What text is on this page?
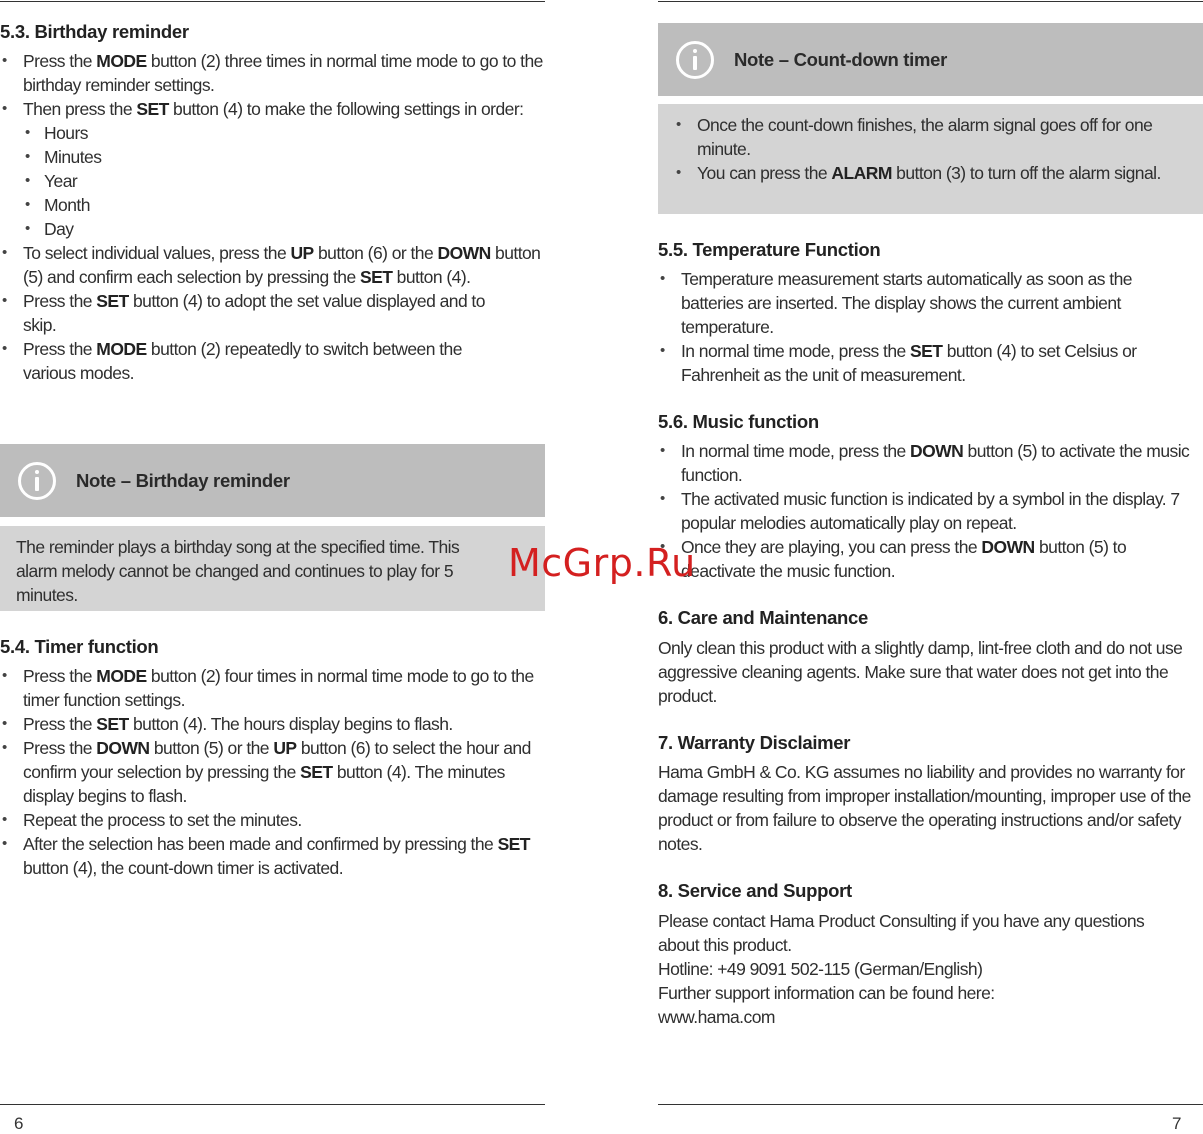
5.3. Birthday reminder
• Press the MODE button (2) three times in normal time mode to go to the birthday reminder settings.
• Then press the SET button (4) to make the following settings in order:
• Hours
• Minutes
• Year
• Month
• Day
• To select individual values, press the UP button (6) or the DOWN button (5) and confirm each selection by pressing the SET button (4).
• Press the SET button (4) to adopt the set value displayed and to skip.
• Press the MODE button (2) repeatedly to switch between the various modes.
Note – Birthday reminder
The reminder plays a birthday song at the specified time. This alarm melody cannot be changed and continues to play for 5 minutes.
5.4. Timer function
• Press the MODE button (2) four times in normal time mode to go to the timer function settings.
• Press the SET button (4). The hours display begins to flash.
• Press the DOWN button (5) or the UP button (6) to select the hour and confirm your selection by pressing the SET button (4). The minutes display begins to flash.
• Repeat the process to set the minutes.
• After the selection has been made and confirmed by pressing the SET button (4), the count-down timer is activated.
6
Note – Count-down timer
• Once the count-down finishes, the alarm signal goes off for one minute.
• You can press the ALARM button (3) to turn off the alarm signal.
5.5. Temperature Function
• Temperature measurement starts automatically as soon as the batteries are inserted. The display shows the current ambient temperature.
• In normal time mode, press the SET button (4) to set Celsius or Fahrenheit as the unit of measurement.
5.6. Music function
• In normal time mode, press the DOWN button (5) to activate the music function.
• The activated music function is indicated by a symbol in the display. 7 popular melodies automatically play on repeat.
• Once they are playing, you can press the DOWN button (5) to deactivate the music function.
6. Care and Maintenance
Only clean this product with a slightly damp, lint-free cloth and do not use aggressive cleaning agents. Make sure that water does not get into the product.
7. Warranty Disclaimer
Hama GmbH & Co. KG assumes no liability and provides no warranty for damage resulting from improper installation/mounting, improper use of the product or from failure to observe the operating instructions and/or safety notes.
8. Service and Support
Please contact Hama Product Consulting if you have any questions about this product.
Hotline: +49 9091 502-115 (German/English)
Further support information can be found here:
www.hama.com
7
McGrp.Ru
